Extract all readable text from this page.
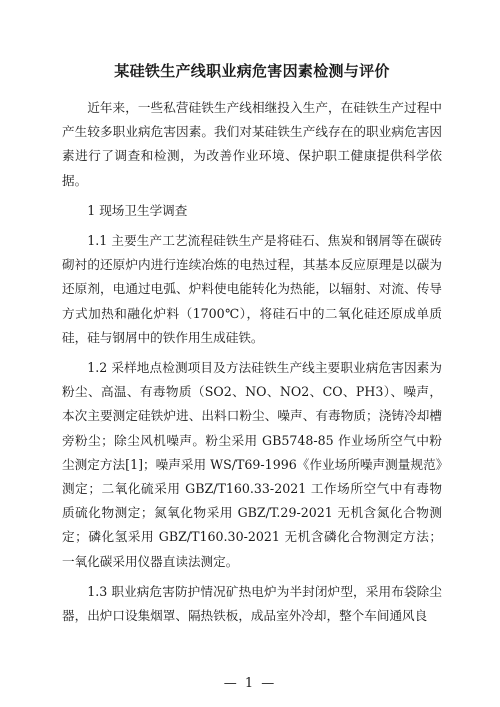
某硅铁生产线职业病危害因素检测与评价

近年来，一些私营硅铁生产线相继投入生产，在硅铁生产过程中产生较多职业病危害因素。我们对某硅铁生产线存在的职业病危害因素进行了调查和检测，为改善作业环境、保护职工健康提供科学依据。

1 现场卫生学调查

1.1 主要生产工艺流程硅铁生产是将硅石、焦炭和钢屑等在碳砖砌衬的还原炉内进行连续冶炼的电热过程，其基本反应原理是以碳为还原剂，电通过电弧、炉料使电能转化为热能，以辐射、对流、传导方式加热和融化炉料（1700℃），将硅石中的二氧化硅还原成单质硅，硅与钢屑中的铁作用生成硅铁。

1.2 采样地点检测项目及方法硅铁生产线主要职业病危害因素为粉尘、高温、有毒物质（SO2、NO、NO2、CO、PH3）、噪声，本次主要测定硅铁炉进、出料口粉尘、噪声、有毒物质；浇铸冷却槽旁粉尘；除尘风机噪声。粉尘采用 GB5748-85 作业场所空气中粉尘测定方法[1]；噪声采用 WS/T69-1996《作业场所噪声测量规范》测定；二氧化硫采用 GBZ/T160.33-2021 工作场所空气中有毒物质硫化物测定；氮氧化物采用 GBZ/T.29-2021 无机含氮化合物测定；磷化氢采用 GBZ/T160.30-2021 无机含磷化合物测定方法；一氧化碳采用仪器直读法测定。

1.3 职业病危害防护情况矿热电炉为半封闭炉型，采用布袋除尘器，出炉口设集烟罩、隔热铁板，成品室外冷却，整个车间通风良

— 1 —
